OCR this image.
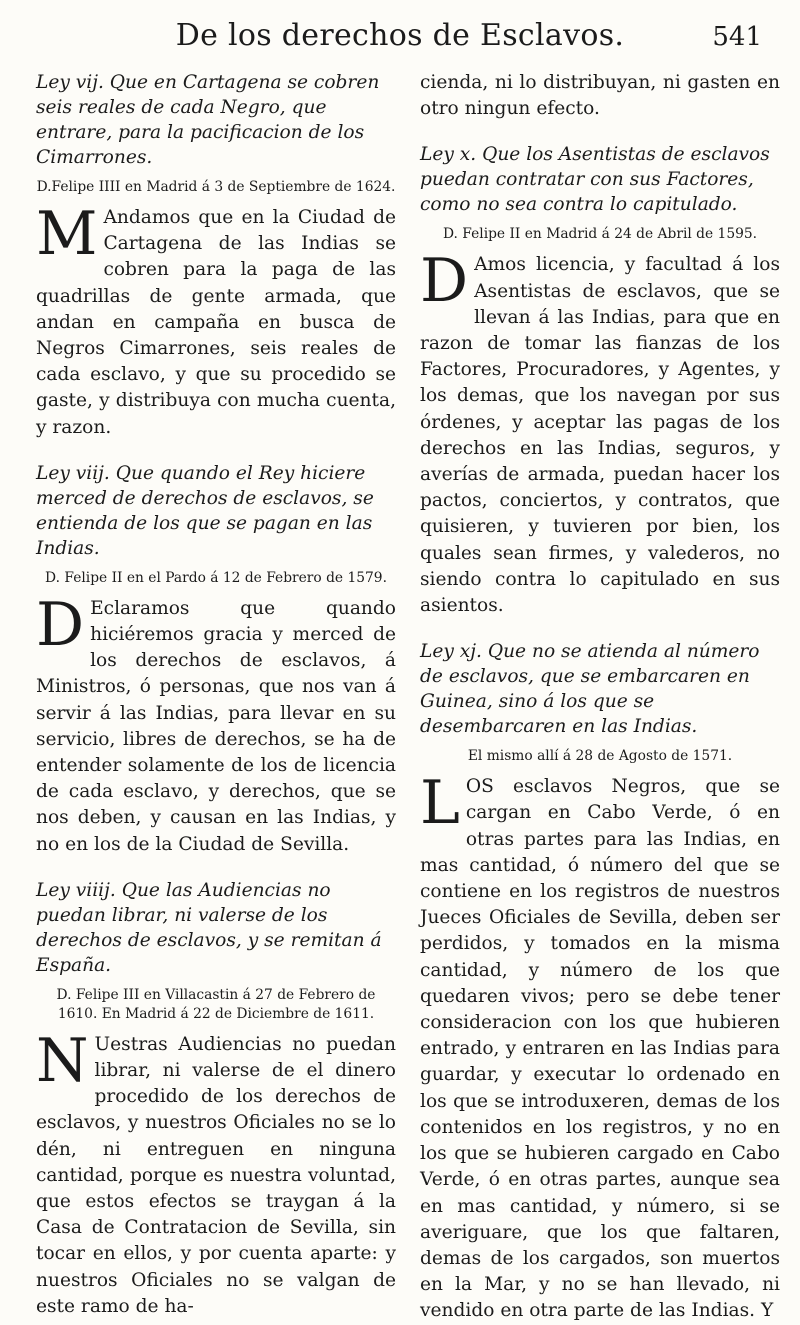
De los derechos de Esclavos.	541

Ley vij. Que en Cartagena se cobren seis reales de cada Negro, que entrare, para la pacificacion de los Cimarrones.

D.Felipe IIII en Madrid á 3 de Septiembre de 1624.

M Andamos que en la Ciudad de Cartagena de las Indias se cobren para la paga de las quadrillas de gente armada, que andan en campaña en busca de Negros Cimarrones, seis reales de cada esclavo, y que su procedido se gaste, y distribuya con mucha cuenta, y razon.

Ley viij. Que quando el Rey hiciere merced de derechos de esclavos, se entienda de los que se pagan en las Indias.

D. Felipe II en el Pardo á 12 de Febrero de 1579.

D Eclaramos que quando hiciéremos gracia y merced de los derechos de esclavos, á Ministros, ó personas, que nos van á servir á las Indias, para llevar en su servicio, libres de derechos, se ha de entender solamente de los de licencia de cada esclavo, y derechos, que se nos deben, y causan en las Indias, y no en los de la Ciudad de Sevilla.

Ley viiij. Que las Audiencias no puedan librar, ni valerse de los derechos de esclavos, y se remitan á España.

D. Felipe III en Villacastin á 27 de Febrero de 1610. En Madrid á 22 de Diciembre de 1611.

N Uestras Audiencias no puedan librar, ni valerse de el dinero procedido de los derechos de esclavos, y nuestros Oficiales no se lo dén, ni entreguen en ninguna cantidad, porque es nuestra voluntad, que estos efectos se traygan á la Casa de Contratacion de Sevilla, sin tocar en ellos, y por cuenta aparte: y nuestros Oficiales no se valgan de este ramo de ha-

cienda, ni lo distribuyan, ni gasten en otro ningun efecto.

Ley x. Que los Asentistas de esclavos puedan contratar con sus Factores, como no sea contra lo capitulado.

D. Felipe II en Madrid á 24 de Abril de 1595.

D Amos licencia, y facultad á los Asentistas de esclavos, que se llevan á las Indias, para que en razon de tomar las fianzas de los Factores, Procuradores, y Agentes, y los demas, que los navegan por sus órdenes, y aceptar las pagas de los derechos en las Indias, seguros, y averías de armada, puedan hacer los pactos, conciertos, y contratos, que quisieren, y tuvieren por bien, los quales sean firmes, y valederos, no siendo contra lo capitulado en sus asientos.

Ley xj. Que no se atienda al número de esclavos, que se embarcaren en Guinea, sino á los que se desembarcaren en las Indias.

El mismo allí á 28 de Agosto de 1571.

LOS esclavos Negros, que se cargan en Cabo Verde, ó en otras partes para las Indias, en mas cantidad, ó número del que se contiene en los registros de nuestros Jueces Oficiales de Sevilla, deben ser perdidos, y tomados en la misma cantidad, y número de los que quedaren vivos; pero se debe tener consideracion con los que hubieren entrado, y entraren en las Indias para guardar, y executar lo ordenado en los que se introduxeren, demas de los contenidos en los registros, y no en los que se hubieren cargado en Cabo Verde, ó en otras partes, aunque sea en mas cantidad, y número, si se averiguare, que los que faltaren, demas de los cargados, son muertos en la Mar, y no se han llevado, ni vendido en otra parte de las Indias. Y
